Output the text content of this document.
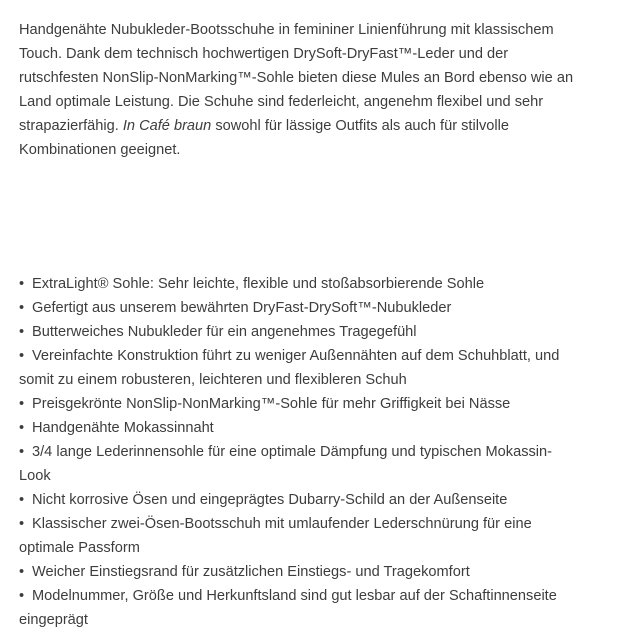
Handgenähte Nubukleder-Bootsschuhe in femininer Linienführung mit klassischem Touch. Dank dem technisch hochwertigen DrySoft-DryFast™-Leder und der rutschfesten NonSlip-NonMarking™-Sohle bieten diese Mules an Bord ebenso wie an Land optimale Leistung. Die Schuhe sind federleicht, angenehm flexibel und sehr strapazierfähig. In Café braun sowohl für lässige Outfits als auch für stilvolle Kombinationen geeignet.

• ExtraLight® Sohle: Sehr leichte, flexible und stoßabsorbierende Sohle
• Gefertigt aus unserem bewährten DryFast-DrySoft™-Nubukleder
• Butterweiches Nubukleder für ein angenehmes Tragegefühl
• Vereinfachte Konstruktion führt zu weniger Außennähten auf dem Schuhblatt, und somit zu einem robusteren, leichteren und flexibleren Schuh
• Preisgekrönte NonSlip-NonMarking™-Sohle für mehr Griffigkeit bei Nässe
• Handgenähte Mokassinnaht
• 3/4 lange Lederinnensohle für eine optimale Dämpfung und typischen Mokassin-Look
• Nicht korrosive Ösen und eingeprägtes Dubarry-Schild an der Außenseite
• Klassischer zwei-Ösen-Bootsschuh mit umlaufender Lederschnürung für eine optimale Passform
• Weicher Einstiegsrand für zusätzlichen Einstiegs- und Tragekomfort
• Modelnummer, Größe und Herkunftsland sind gut lesbar auf der Schaftinnenseite eingeprägt
